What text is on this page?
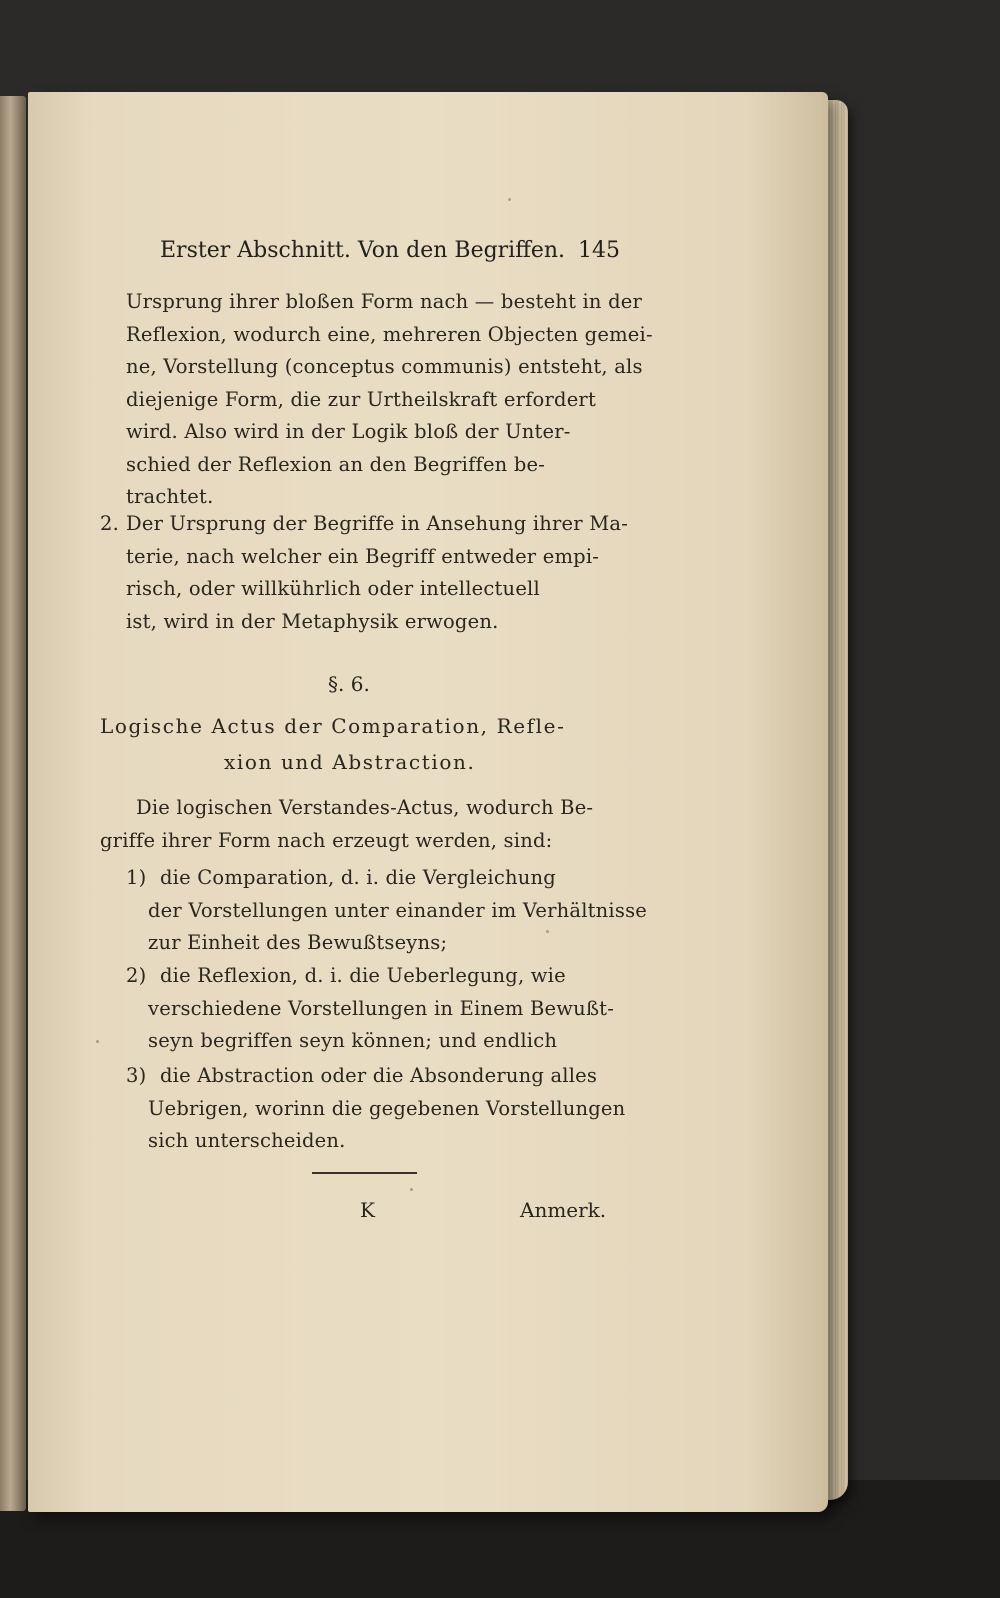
Erster Abschnitt. Von den Begriffen. 145
Ursprung ihrer bloßen Form nach — besteht in der
Reflexion, wodurch eine, mehreren Objecten gemei-
ne, Vorstellung (conceptus communis) entsteht, als
diejenige Form, die zur Urtheilskraft erfordert
wird. Also wird in der Logik bloß der Unter-
schied der Reflexion an den Begriffen be-
trachtet.
2. Der Ursprung der Begriffe in Ansehung ihrer Ma-
terie, nach welcher ein Begriff entweder empi-
risch, oder willkührlich oder intellectuell
ist, wird in der Metaphysik erwogen.
§. 6.
Logische Actus der Comparation, Refle-
xion und Abstraction.
Die logischen Verstandes-Actus, wodurch Be-
griffe ihrer Form nach erzeugt werden, sind:
1) die Comparation, d. i. die Vergleichung
der Vorstellungen unter einander im Verhältnisse
zur Einheit des Bewußtseyns;
2) die Reflexion, d. i. die Ueberlegung, wie
verschiedene Vorstellungen in Einem Bewußt-
seyn begriffen seyn können; und endlich
3) die Abstraction oder die Absonderung alles
Uebrigen, worinn die gegebenen Vorstellungen
sich unterscheiden.
K	Anmerk.
